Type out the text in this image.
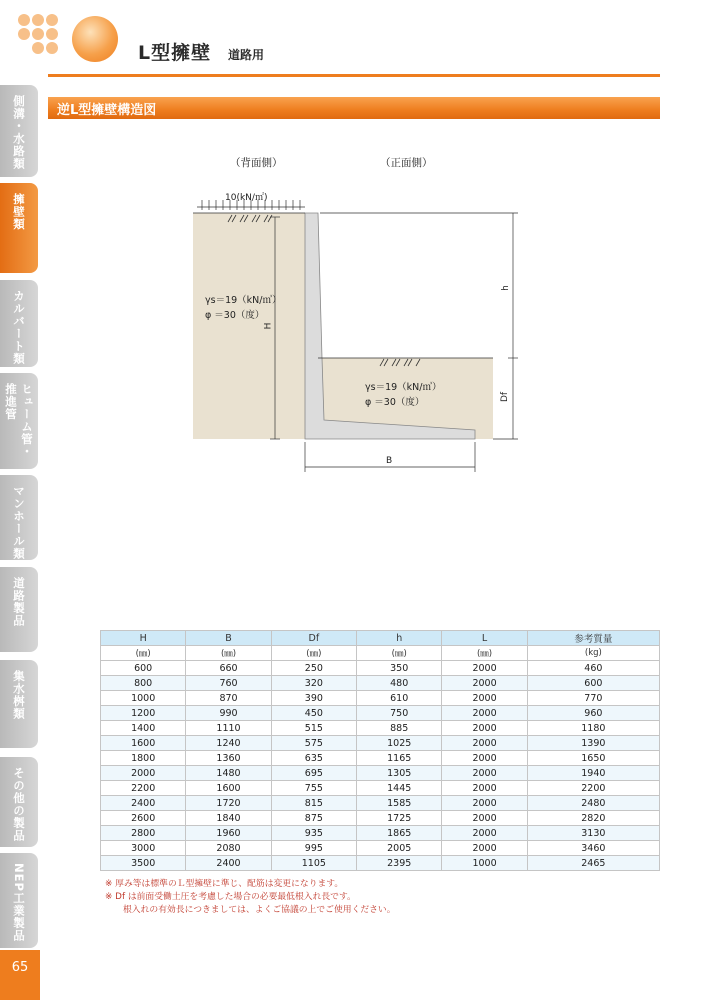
L型擁壁 道路用
逆L型擁壁構造図
側溝・水路類
擁壁類
カルバート類
ヒューム管・推進管
マンホール類
道路製品
集水桝類
その他の製品
NEP工業製品
65
（背面側）	（正面側）
10(kN/㎡)
γs＝19（kN/㎥）
φ ＝30（度）
γs＝19（kN/㎥）
φ ＝30（度）
H
h
Df
B
H	B	Df	h	L	参考質量
(㎜)	(㎜)	(㎜)	(㎜)	(㎜)	(kg)
600	660	250	350	2000	460
800	760	320	480	2000	600
1000	870	390	610	2000	770
1200	990	450	750	2000	960
1400	1110	515	885	2000	1180
1600	1240	575	1025	2000	1390
1800	1360	635	1165	2000	1650
2000	1480	695	1305	2000	1940
2200	1600	755	1445	2000	2200
2400	1720	815	1585	2000	2480
2600	1840	875	1725	2000	2820
2800	1960	935	1865	2000	3130
3000	2080	995	2005	2000	3460
3500	2400	1105	2395	1000	2465
※ 厚み等は標準のＬ型擁壁に準じ、配筋は変更になります。
※ Df は前面受働土圧を考慮した場合の必要最低根入れ長です。
根入れの有効長につきましては、よくご協議の上でご使用ください。
